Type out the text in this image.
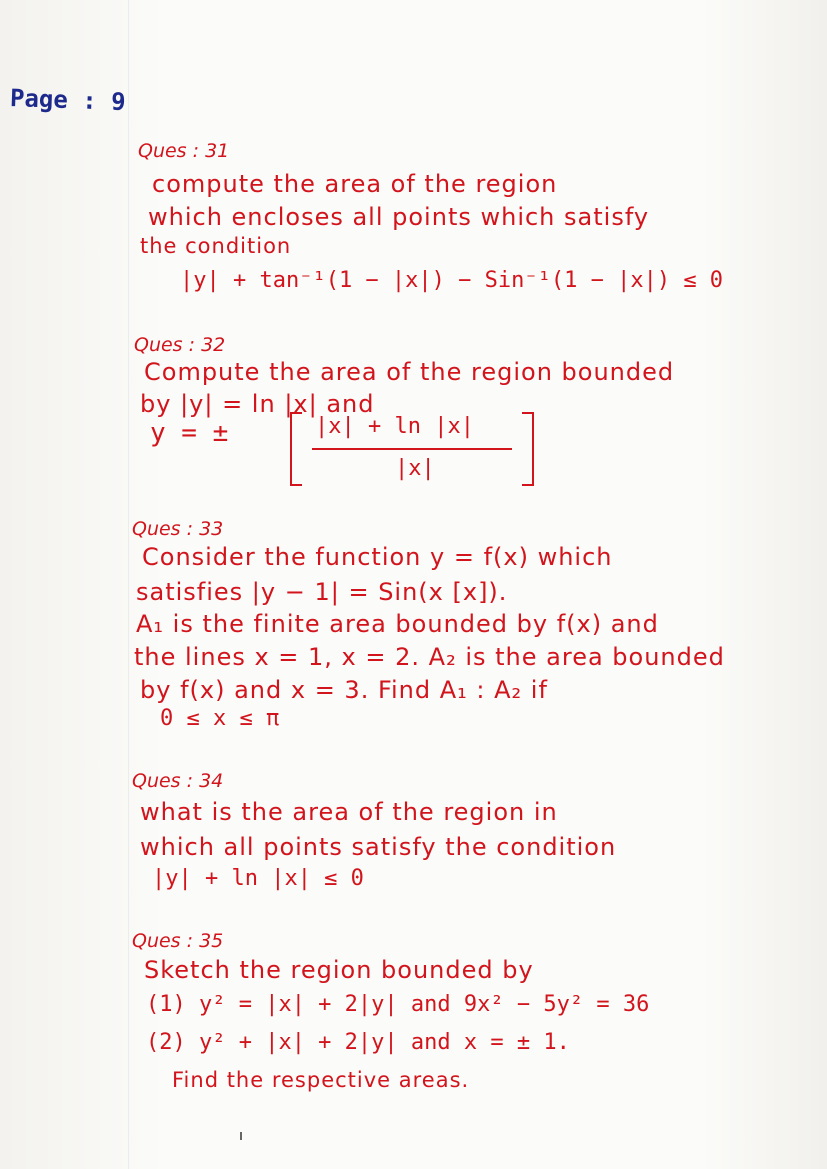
Page : 9
Ques : 31
compute the area of the region
which encloses all points which satisfy
the condition
|y| + tan⁻¹(1 − |x|) − Sin⁻¹(1 − |x|) ≤ 0
Ques : 32
Compute the area of the region bounded
by |y| = ln |x| and
y = ±	|x| + ln |x|
|x|
Ques : 33
Consider the function y = f(x) which
satisfies |y − 1| = Sin(x [x]).
A₁ is the finite area bounded by f(x) and
the lines x = 1, x = 2. A₂ is the area bounded
by f(x) and x = 3. Find A₁ : A₂ if
0 ≤ x ≤ π
Ques : 34
what is the area of the region in
which all points satisfy the condition
|y| + ln |x| ≤ 0
Ques : 35
Sketch the region bounded by
(1) y² = |x| + 2|y| and 9x² − 5y² = 36
(2) y² + |x| + 2|y| and x = ± 1.
Find the respective areas.
